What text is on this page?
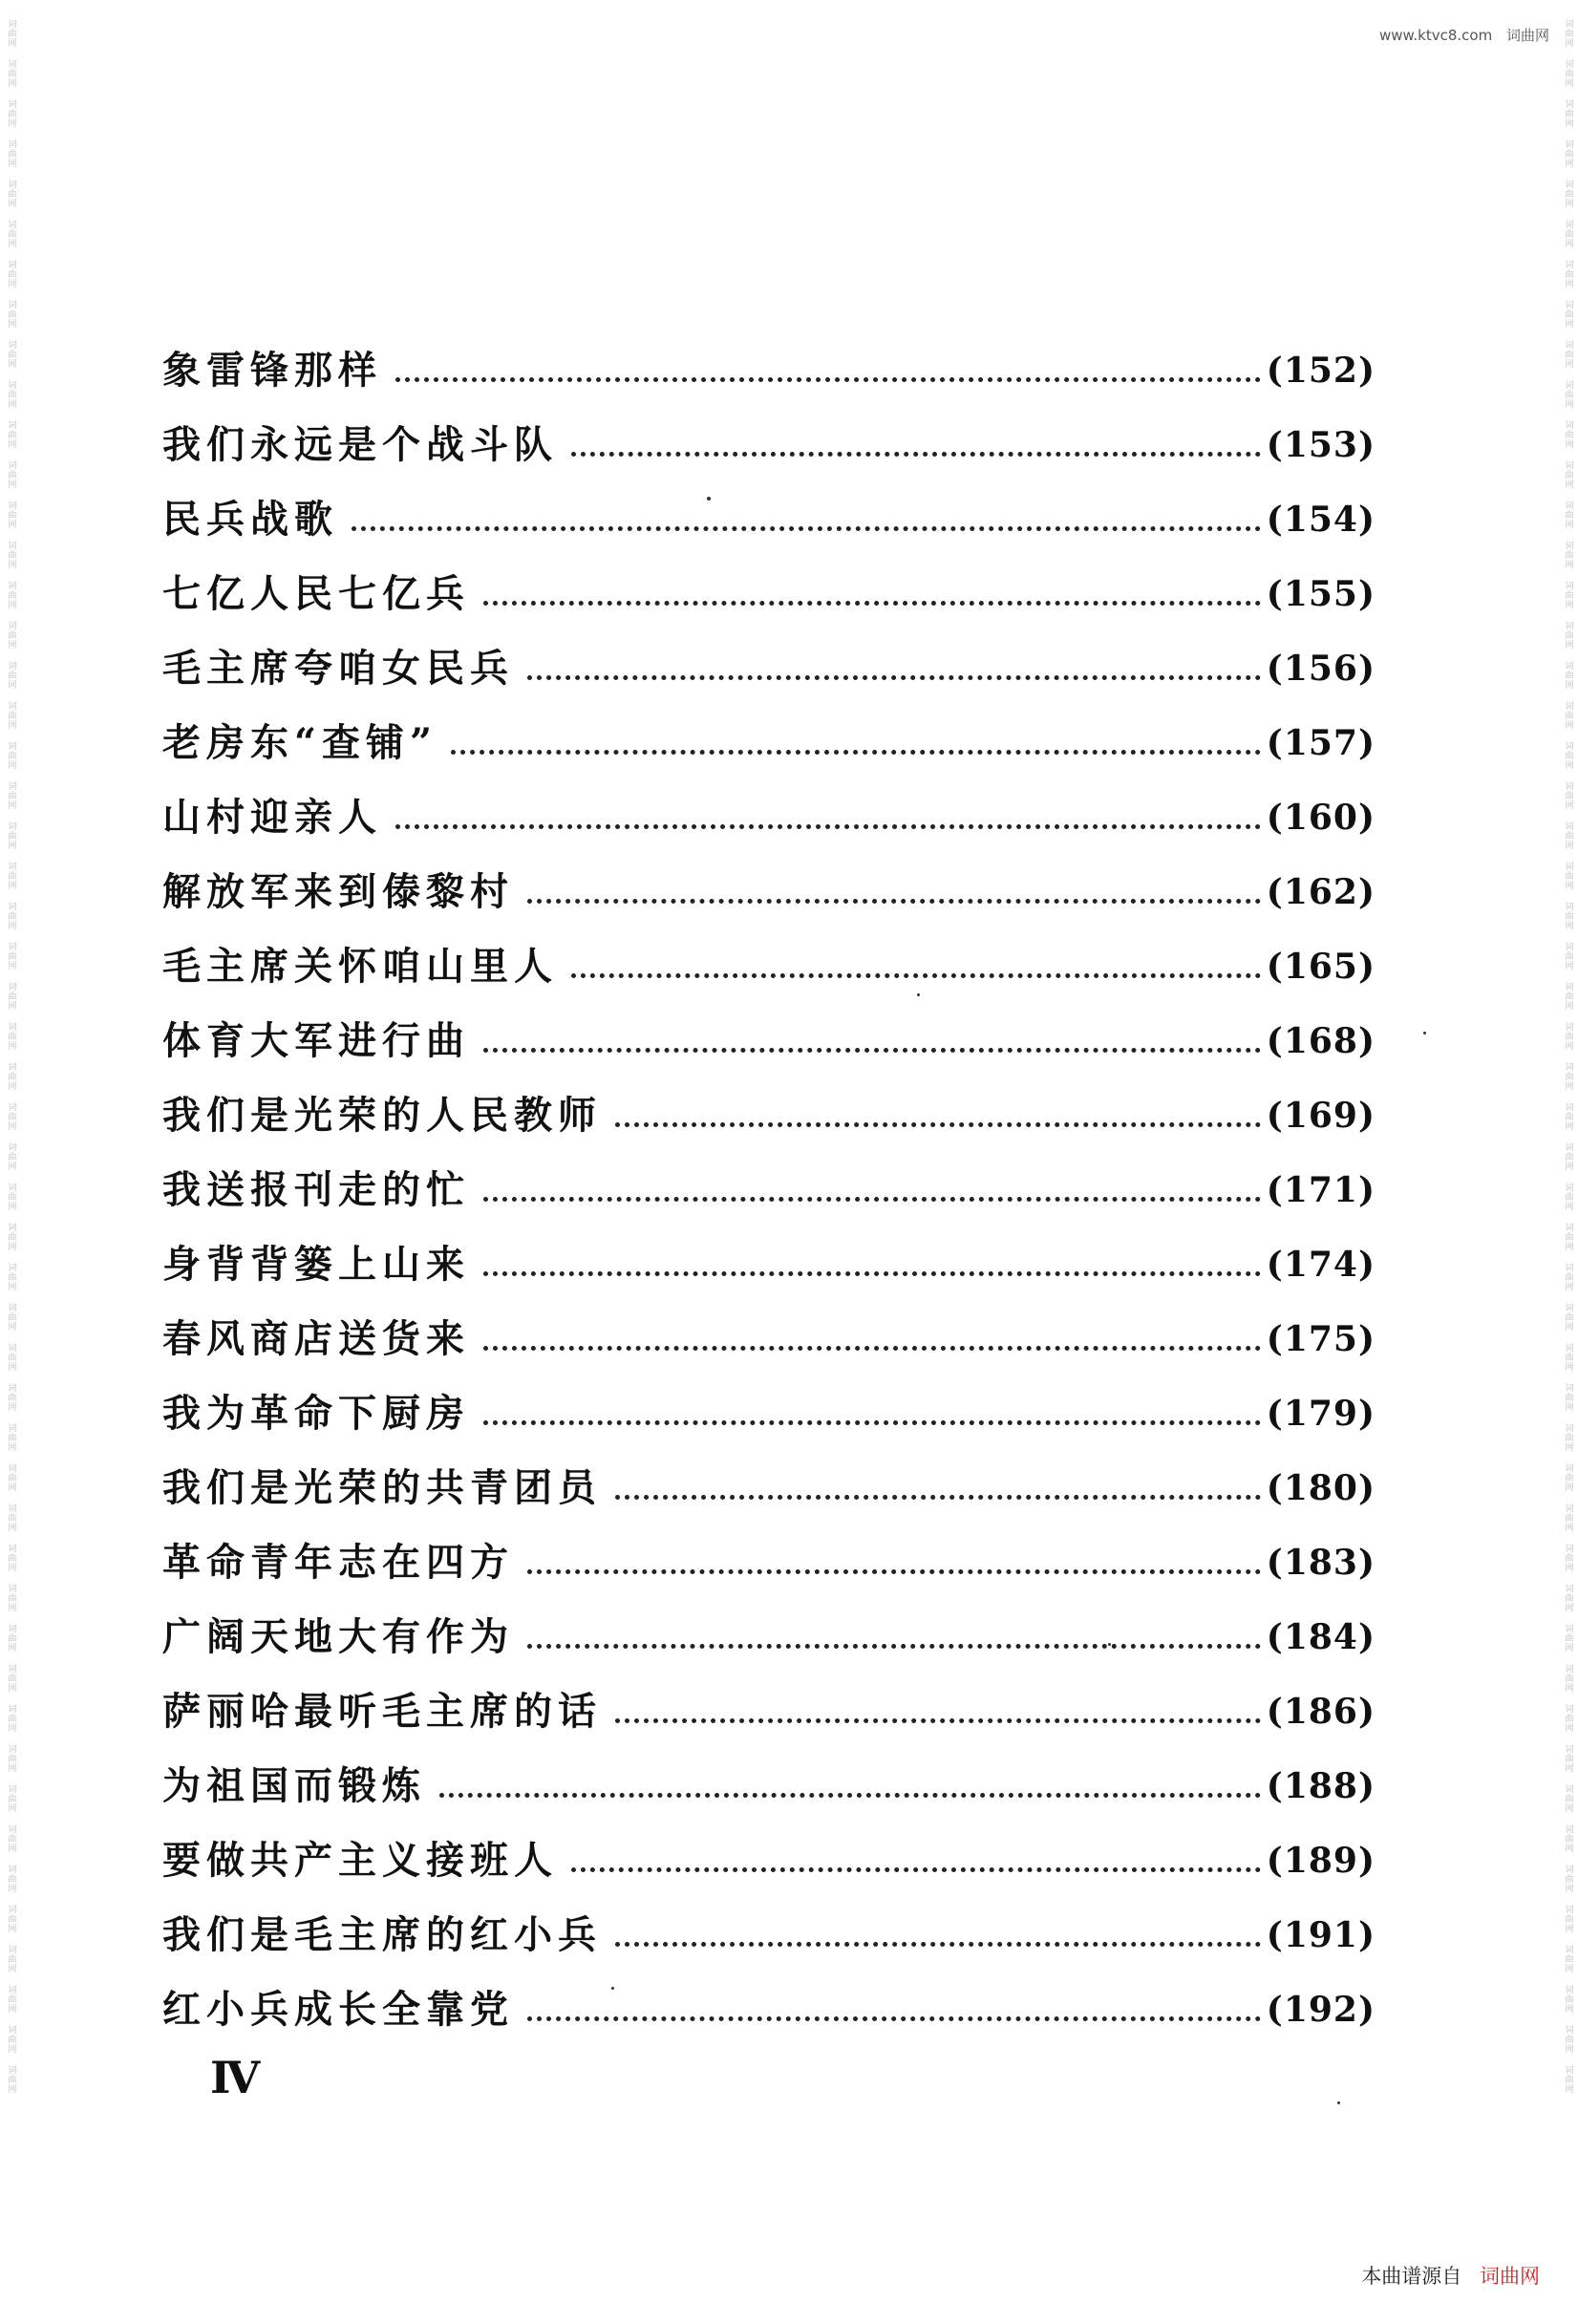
词曲网
词曲网
词曲网
词曲网
词曲网
词曲网
词曲网
词曲网
词曲网
词曲网
词曲网
词曲网
词曲网
词曲网
词曲网
词曲网
词曲网
词曲网
词曲网
词曲网
词曲网
词曲网
词曲网
词曲网
词曲网
词曲网
词曲网
词曲网
词曲网
词曲网
词曲网
词曲网
词曲网
词曲网
词曲网
词曲网
词曲网
词曲网
词曲网
词曲网
词曲网
词曲网
词曲网
词曲网
词曲网
词曲网
词曲网
词曲网
词曲网
词曲网
词曲网
词曲网
词曲网
词曲网
词曲网
词曲网
词曲网
词曲网
词曲网
词曲网
词曲网
词曲网
词曲网
词曲网
词曲网
词曲网
词曲网
词曲网
词曲网
词曲网
词曲网
词曲网
词曲网
词曲网
词曲网
词曲网
词曲网
词曲网
词曲网
词曲网
词曲网
词曲网
词曲网
词曲网
词曲网
词曲网
词曲网
词曲网
词曲网
词曲网
词曲网
词曲网
词曲网
词曲网
词曲网
词曲网
词曲网
词曲网
词曲网
词曲网
词曲网
词曲网
词曲网
词曲网
www.ktvc8.com 词曲网
象雷锋那样	(152)
我们永远是个战斗队	(153)
民兵战歌	(154)
七亿人民七亿兵	(155)
毛主席夸咱女民兵	(156)
老房东“查铺”	(157)
山村迎亲人	(160)
解放军来到傣黎村	(162)
毛主席关怀咱山里人	(165)
体育大军进行曲	(168)
我们是光荣的人民教师	(169)
我送报刊走的忙	(171)
身背背篓上山来	(174)
春风商店送货来	(175)
我为革命下厨房	(179)
我们是光荣的共青团员	(180)
革命青年志在四方	(183)
广阔天地大有作为	(184)
萨丽哈最听毛主席的话	(186)
为祖国而锻炼	(188)
要做共产主义接班人	(189)
我们是毛主席的红小兵	(191)
红小兵成长全靠党	(192)
Ⅳ
本曲谱源自 词曲网
